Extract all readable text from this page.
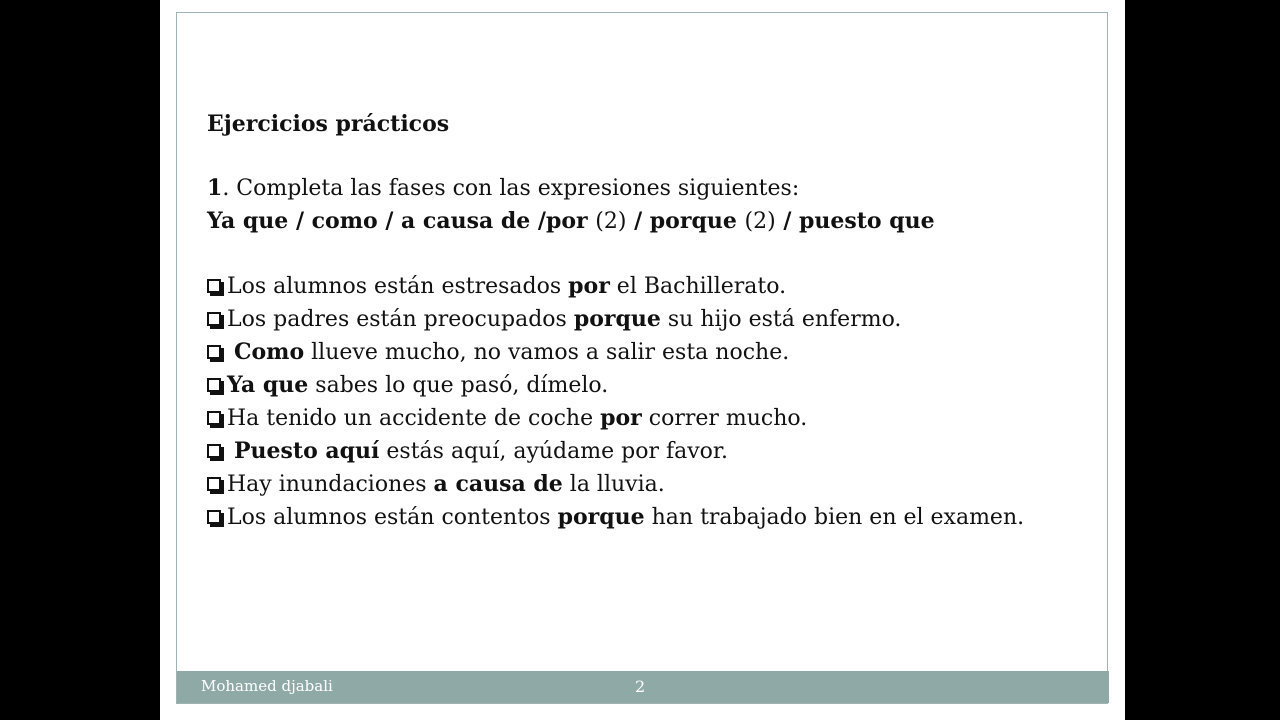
Ejercicios prácticos

1. Completa las fases con las expresiones siguientes:
Ya que / como / a causa de /por (2) / porque (2) / puesto que
Los alumnos están estresados por el Bachillerato.
Los padres están preocupados porque su hijo está enfermo.
Como llueve mucho, no vamos a salir esta noche.
Ya que sabes lo que pasó, dímelo.
Ha tenido un accidente de coche por correr mucho.
Puesto aquí estás aquí, ayúdame por favor.
Hay inundaciones a causa de la lluvia.
Los alumnos están contentos porque han trabajado bien en el examen.
Mohamed djabali	2
